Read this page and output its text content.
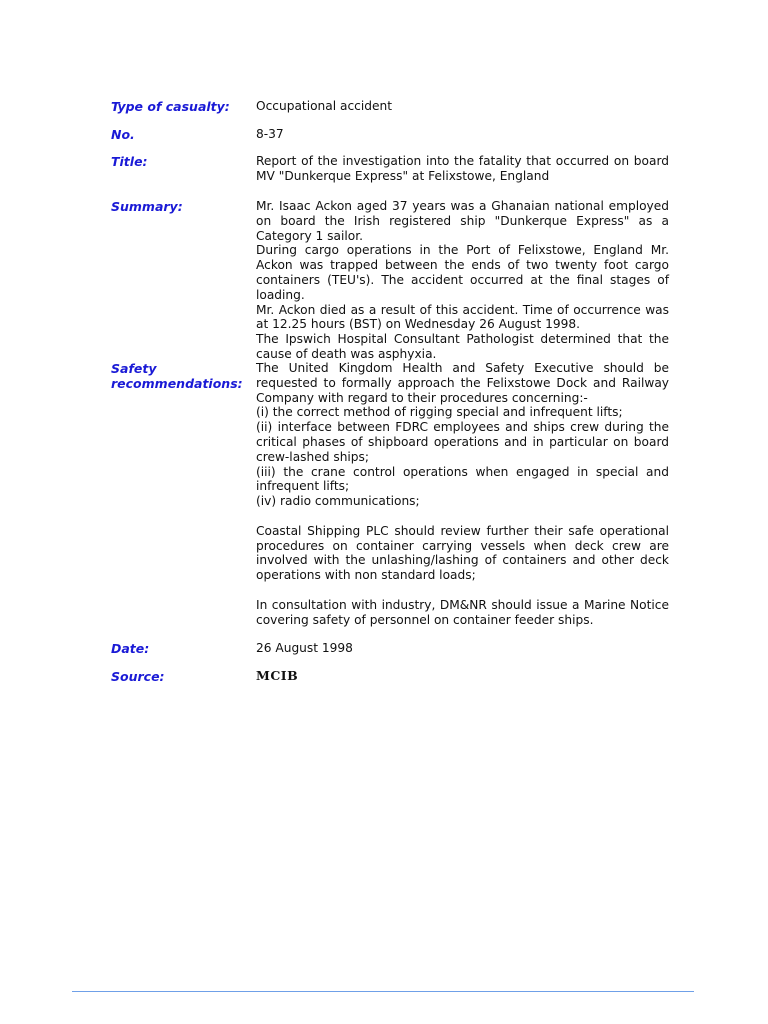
Type of casualty:	Occupational accident
No.	8-37
Title:	Report of the investigation into the fatality that occurred on board MV "Dunkerque Express" at Felixstowe, England
Summary:	Mr. Isaac Ackon aged 37 years was a Ghanaian national employed on board the Irish registered ship "Dunkerque Express" as a Category 1 sailor.

During cargo operations in the Port of Felixstowe, England Mr. Ackon was trapped between the ends of two twenty foot cargo containers (TEU's). The accident occurred at the final stages of loading.

Mr. Ackon died as a result of this accident. Time of occurrence was at 12.25 hours (BST) on Wednesday 26 August 1998.

The Ipswich Hospital Consultant Pathologist determined that the cause of death was asphyxia.

Safety
recommendations:

The United Kingdom Health and Safety Executive should be requested to formally approach the Felixstowe Dock and Railway Company with regard to their procedures concerning:-

(i) the correct method of rigging special and infrequent lifts;

(ii) interface between FDRC employees and ships crew during the critical phases of shipboard operations and in particular on board crew-lashed ships;

(iii) the crane control operations when engaged in special and infrequent lifts;

(iv) radio communications;

Coastal Shipping PLC should review further their safe operational procedures on container carrying vessels when deck crew are involved with the unlashing/lashing of containers and other deck operations with non standard loads;

In consultation with industry, DM&NR should issue a Marine Notice covering safety of personnel on container feeder ships.

Date:	26 August 1998
Source:	MCIB
